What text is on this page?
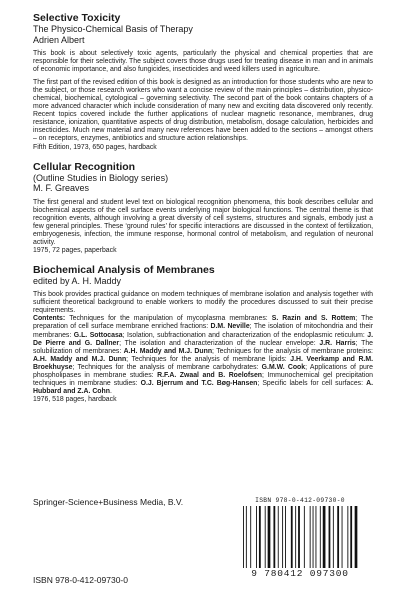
Selective Toxicity

The Physico-Chemical Basis of Therapy

Adrien Albert

This book is about selectively toxic agents, particularly the physical and chemical properties that are responsible for their selectivity. The subject covers those drugs used for treating disease in man and in animals of economic importance, and also fungicides, insecticides and weed killers used in agriculture.

The first part of the revised edition of this book is designed as an introduction for those students who are new to the subject, or those research workers who want a concise review of the main principles – distribution, physico-chemical, biochemical, cytological – governing selectivity. The second part of the book contains chapters of a more advanced character which include consideration of many new and exciting data discovered only recently. Recent topics covered include the further applications of nuclear magnetic resonance, membranes, drug resistance, ionization, quantitative aspects of drug distribution, metabolism, dosage calculation, herbicides and insecticides. Much new material and many new references have been added to the sections – amongst others – on receptors, enzymes, antibiotics and structure action relationships.

Fifth Edition, 1973, 650 pages, hardback

Cellular Recognition

(Outline Studies in Biology series)

M. F. Greaves

The first general and student level text on biological recognition phenomena, this book describes cellular and biochemical aspects of the cell surface events underlying major biological functions. The central theme is that recognition events, although involving a great diversity of cell systems, structures and signals, embody just a few general principles. These ‘ground rules’ for specific interactions are discussed in the context of fertilization, embryogenesis, infection, the immune response, hormonal control of metabolism, and regulation of neuronal activity.

1975, 72 pages, paperback

Biochemical Analysis of Membranes

edited by A. H. Maddy

This book provides practical guidance on modern techniques of membrane isolation and analysis together with sufficient theoretical background to enable workers to modify the procedures discussed to suit their precise requirements.

Contents: Techniques for the manipulation of mycoplasma membranes: S. Razin and S. Rottem; The preparation of cell surface membrane enriched fractions: D.M. Neville; The isolation of mitochondria and their membranes: G.L. Sottocasa; Isolation, subfractionation and characterization of the endoplasmic reticulum: J. De Pierre and G. Dallner; The isolation and characterization of the nuclear envelope: J.R. Harris; The solubilization of membranes: A.H. Maddy and M.J. Dunn; Techniques for the analysis of membrane proteins: A.H. Maddy and M.J. Dunn; Techniques for the analysis of membrane lipids: J.H. Veerkamp and R.M. Broekhuyse; Techniques for the analysis of membrane carbohydrates: G.M.W. Cook; Applications of pure phospholipases in membrane studies: R.F.A. Zwaal and B. Roelofsen; Immunochemical gel precipitation techniques in membrane studies: O.J. Bjerrum and T.C. Bøg-Hansen; Specific labels for cell surfaces: A. Hubbard and Z.A. Cohn.

1976, 518 pages, hardback

Springer-Science+Business Media, B.V.
ISBN 978-0-412-09730-0
ISBN 978-0-412-09730-0
9 780412 097300
